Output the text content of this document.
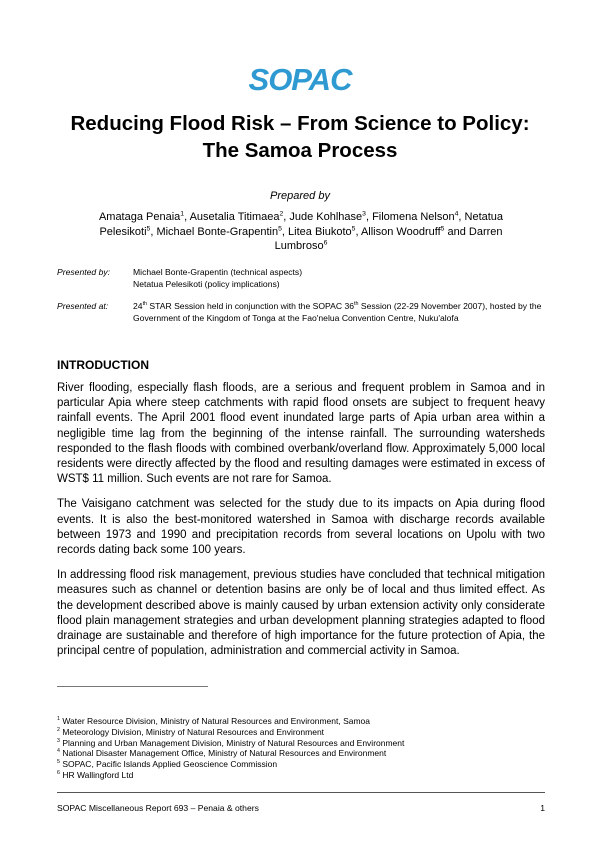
SOPAC
Reducing Flood Risk – From Science to Policy:
The Samoa Process
Prepared by
Amataga Penaia$^1$, Ausetalia Titimaea$^2$, Jude Kohlhase$^3$, Filomena Nelson$^4$, Netatua Pelesikoti$^5$, Michael Bonte-Grapentin$^5$, Litea Biukoto$^5$, Allison Woodruff$^5$ and Darren Lumbroso$^6$
Presented by:	Michael Bonte-Grapentin (technical aspects)
Netatua Pelesikoti (policy implications)
Presented at:	24th STAR Session held in conjunction with the SOPAC 36th Session (22-29 November 2007), hosted by the Government of the Kingdom of Tonga at the Fao'nelua Convention Centre, Nuku'alofa
INTRODUCTION

River flooding, especially flash floods, are a serious and frequent problem in Samoa and in particular Apia where steep catchments with rapid flood onsets are subject to frequent heavy rainfall events. The April 2001 flood event inundated large parts of Apia urban area within a negligible time lag from the beginning of the intense rainfall. The surrounding watersheds responded to the flash floods with combined overbank/overland flow. Approximately 5,000 local residents were directly affected by the flood and resulting damages were estimated in excess of WST$ 11 million. Such events are not rare for Samoa.

The Vaisigano catchment was selected for the study due to its impacts on Apia during flood events. It is also the best-monitored watershed in Samoa with discharge records available between 1973 and 1990 and precipitation records from several locations on Upolu with two records dating back some 100 years.

In addressing flood risk management, previous studies have concluded that technical mitigation measures such as channel or detention basins are only be of local and thus limited effect. As the development described above is mainly caused by urban extension activity only considerate flood plain management strategies and urban development planning strategies adapted to flood drainage are sustainable and therefore of high importance for the future protection of Apia, the principal centre of population, administration and commercial activity in Samoa.

$^1$ Water Resource Division, Ministry of Natural Resources and Environment, Samoa
$^2$ Meteorology Division, Ministry of Natural Resources and Environment
$^3$ Planning and Urban Management Division, Ministry of Natural Resources and Environment
$^4$ National Disaster Management Office, Ministry of Natural Resources and Environment
$^5$ SOPAC, Pacific Islands Applied Geoscience Commission
$^6$ HR Wallingford Ltd
SOPAC Miscellaneous Report 693 – Penaia & others	1
